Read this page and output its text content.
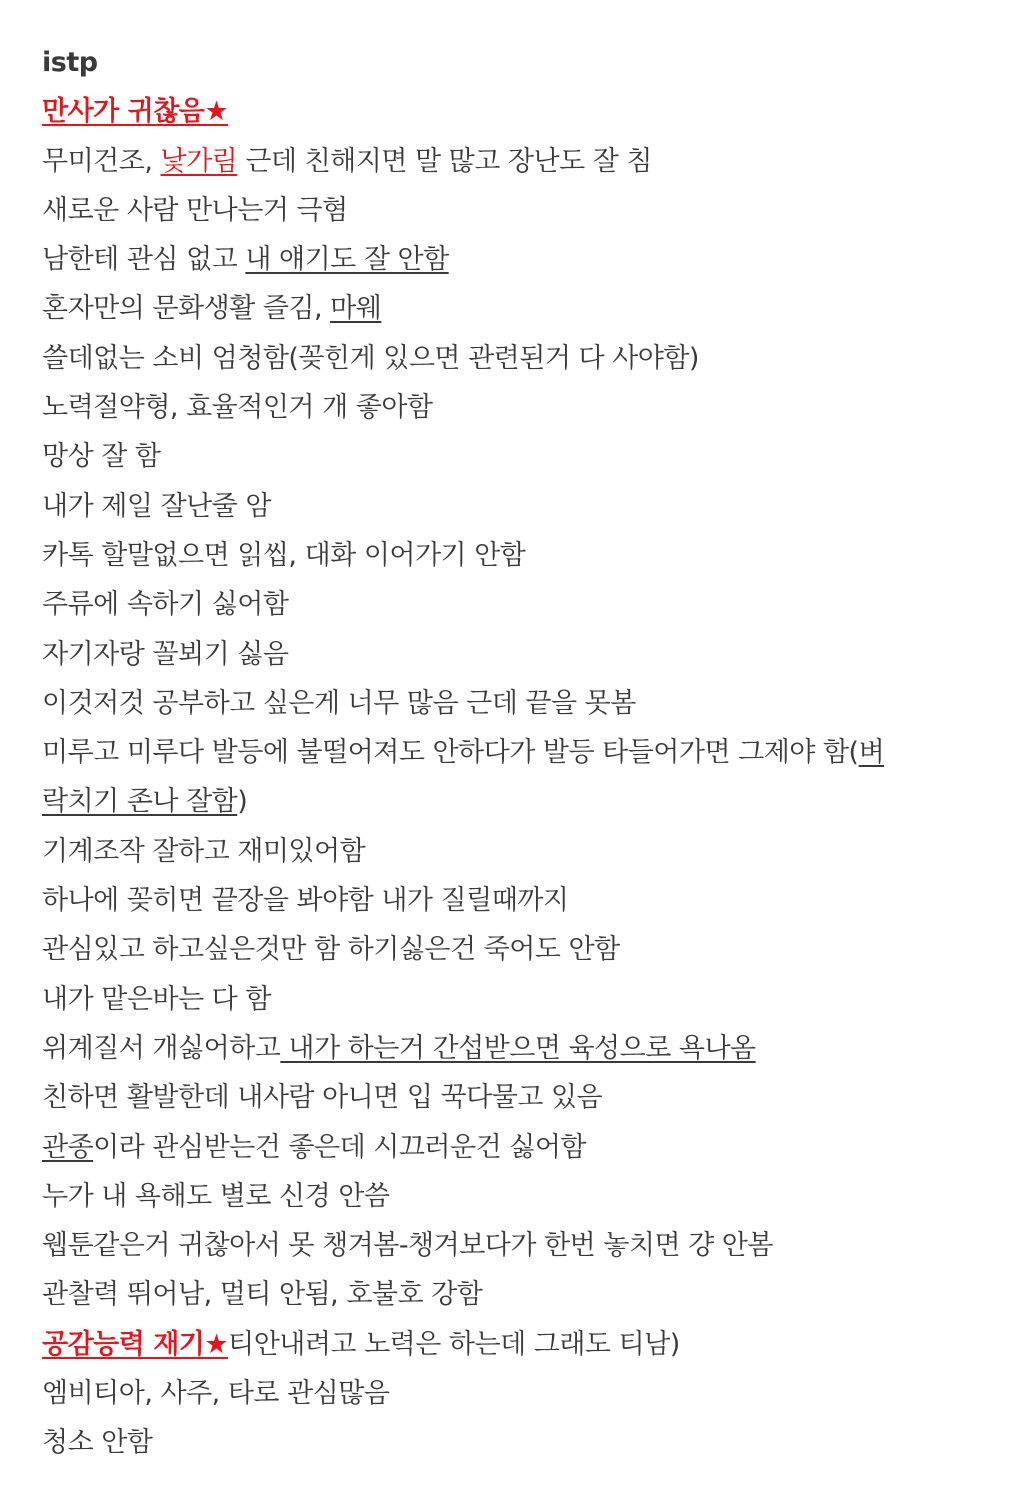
istp
만사가 귀찮음★
무미건조, 낯가림 근데 친해지면 말 많고 장난도 잘 침
새로운 사람 만나는거 극혐
남한테 관심 없고 내 얘기도 잘 안함
혼자만의 문화생활 즐김, 마웨
쓸데없는 소비 엄청함(꽂힌게 있으면 관련된거 다 사야함)
노력절약형, 효율적인거 개 좋아함
망상 잘 함
내가 제일 잘난줄 암
카톡 할말없으면 읽씹, 대화 이어가기 안함
주류에 속하기 싫어함
자기자랑 꼴뵈기 싫음
이것저것 공부하고 싶은게 너무 많음 근데 끝을 못봄
미루고 미루다 발등에 불떨어져도 안하다가 발등 타들어가면 그제야 함(벼
락치기 존나 잘함)
기계조작 잘하고 재미있어함
하나에 꽂히면 끝장을 봐야함 내가 질릴때까지
관심있고 하고싶은것만 함 하기싫은건 죽어도 안함
내가 맡은바는 다 함
위계질서 개싫어하고 내가 하는거 간섭받으면 육성으로 욕나옴
친하면 활발한데 내사람 아니면 입 꾹다물고 있음
관종이라 관심받는건 좋은데 시끄러운건 싫어함
누가 내 욕해도 별로 신경 안씀
웹툰같은거 귀찮아서 못 챙겨봄-챙겨보다가 한번 놓치면 걍 안봄
관찰력 뛰어남, 멀티 안됨, 호불호 강함
공감능력 재기★티안내려고 노력은 하는데 그래도 티남)
엠비티아, 사주, 타로 관심많음
청소 안함
